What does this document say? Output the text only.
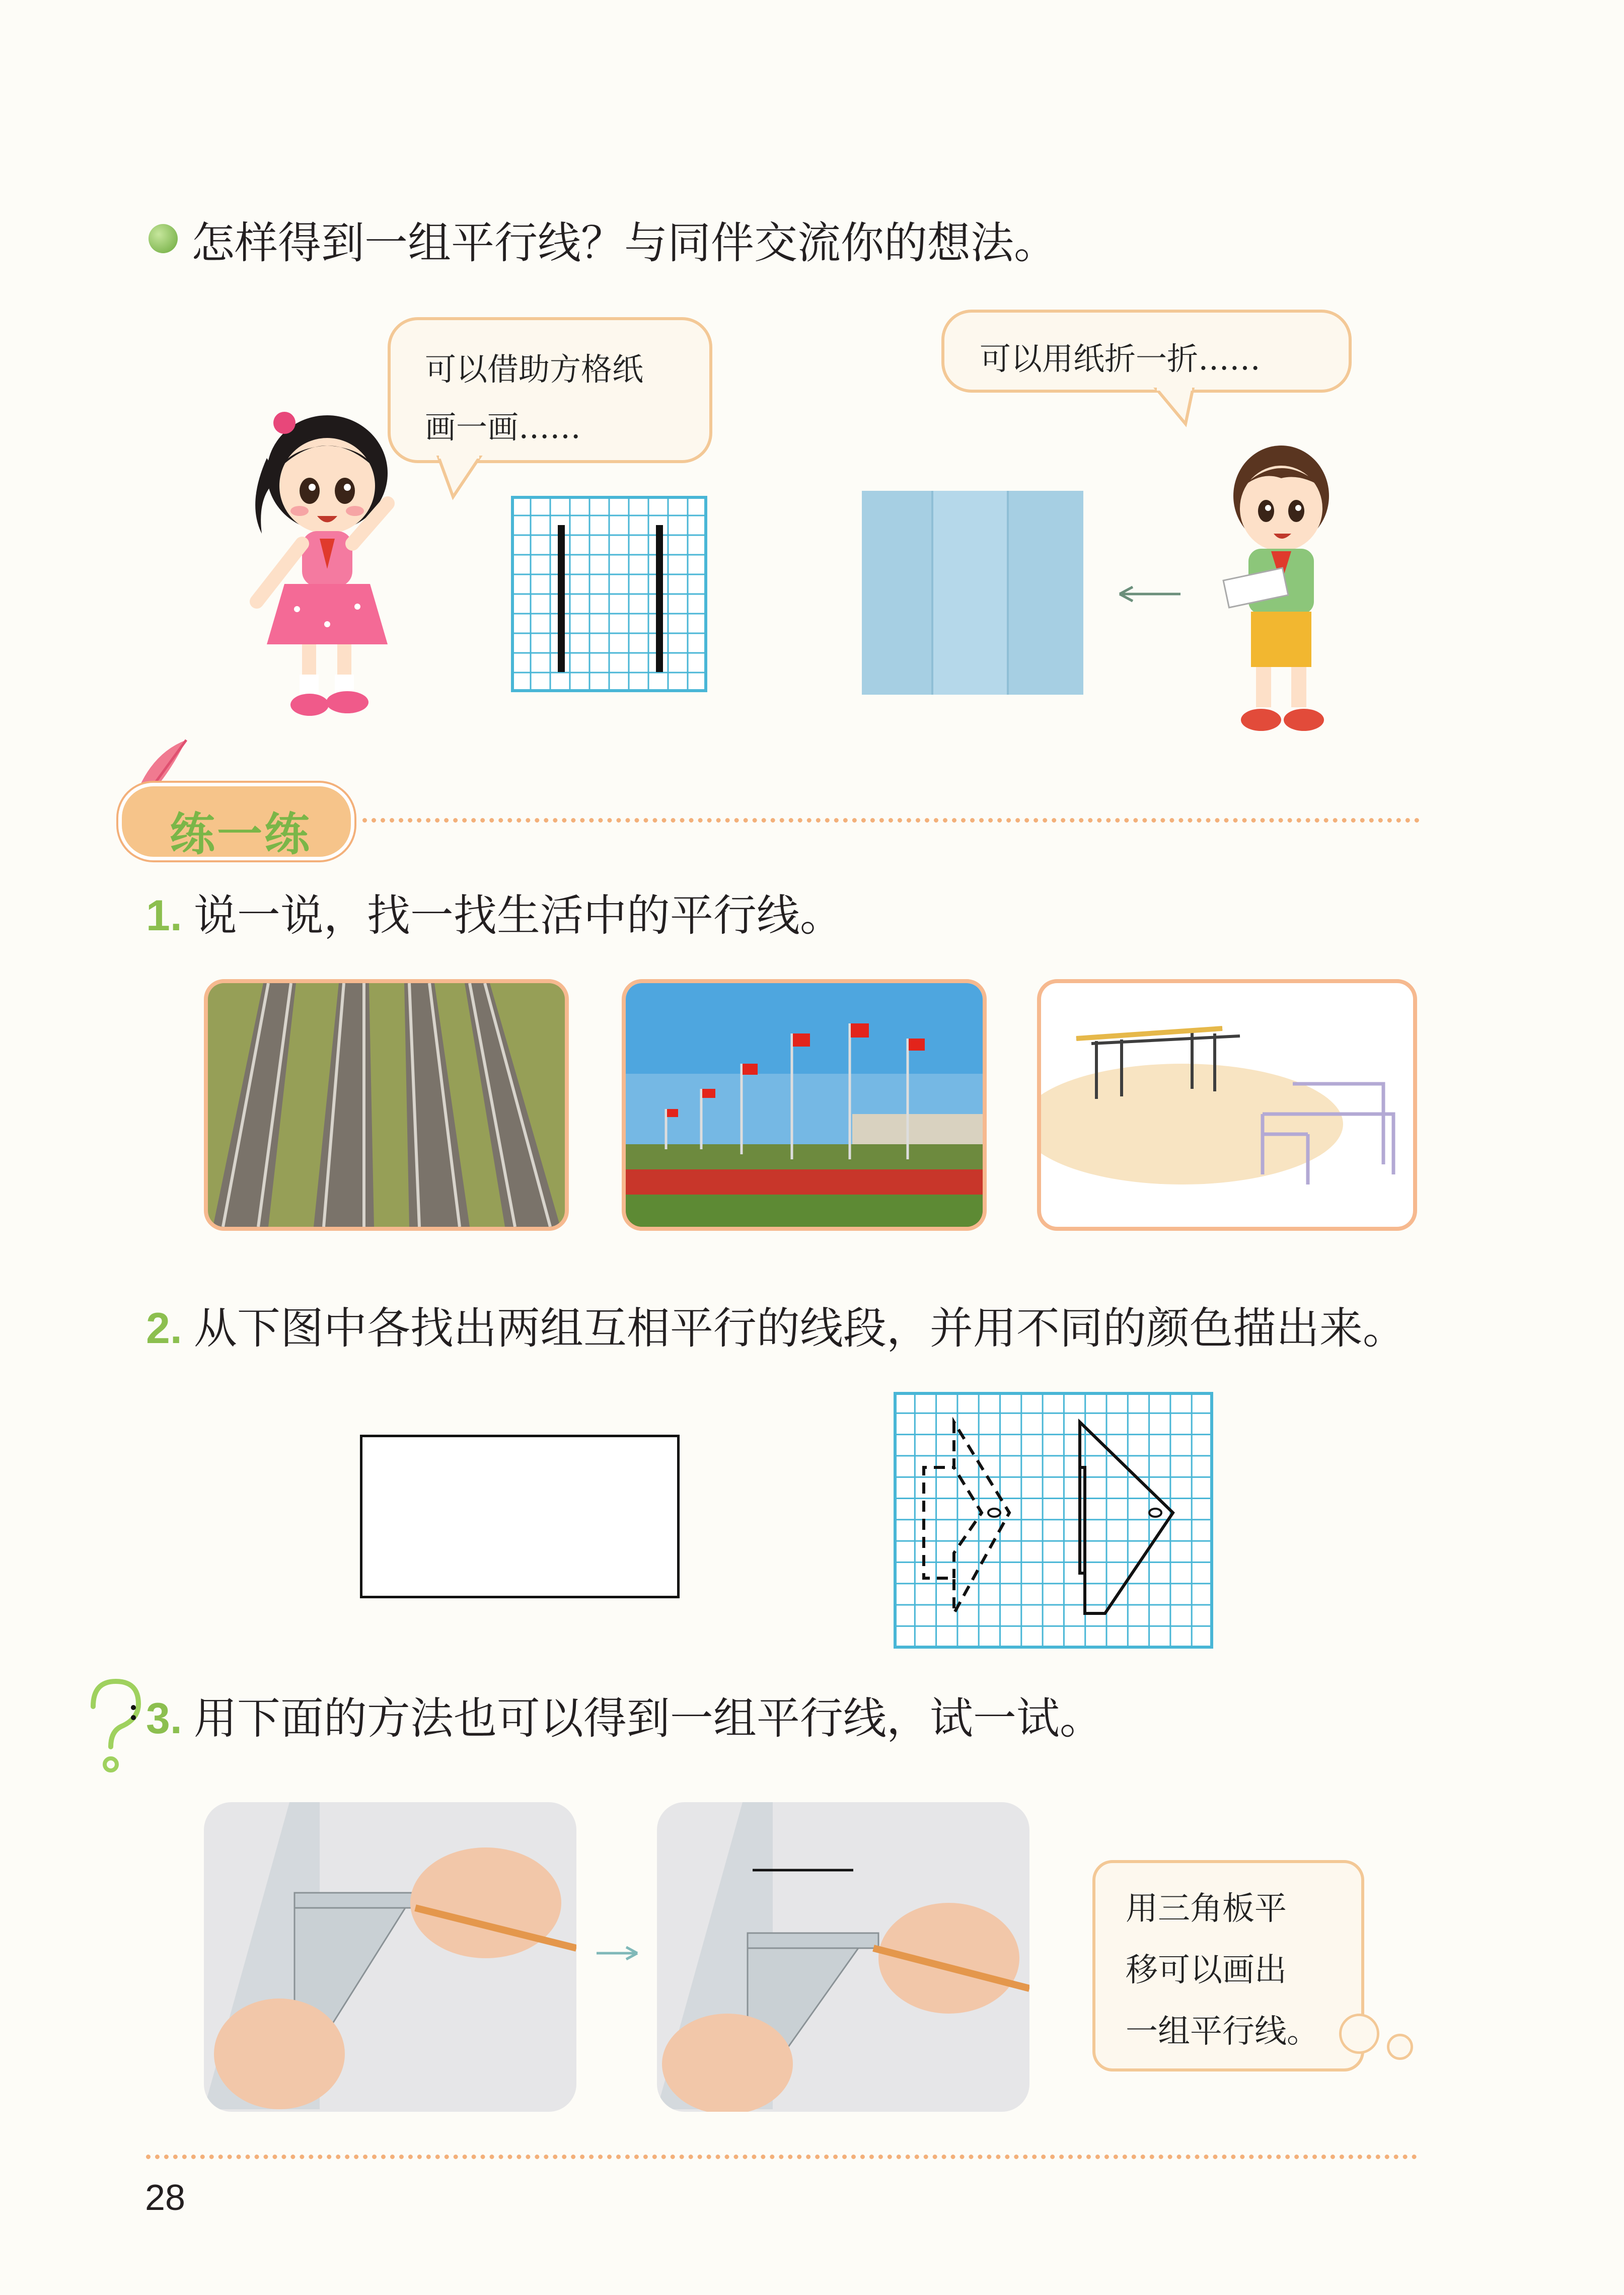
怎样得到一组平行线？与同伴交流你的想法。
可以借助方格纸
画一画……
可以用纸折一折……
练一练
1. 说一说，找一找生活中的平行线。
2. 从下图中各找出两组互相平行的线段，并用不同的颜色描出来。
3. 用下面的方法也可以得到一组平行线，试一试。
用三角板平
移可以画出
一组平行线。
28
